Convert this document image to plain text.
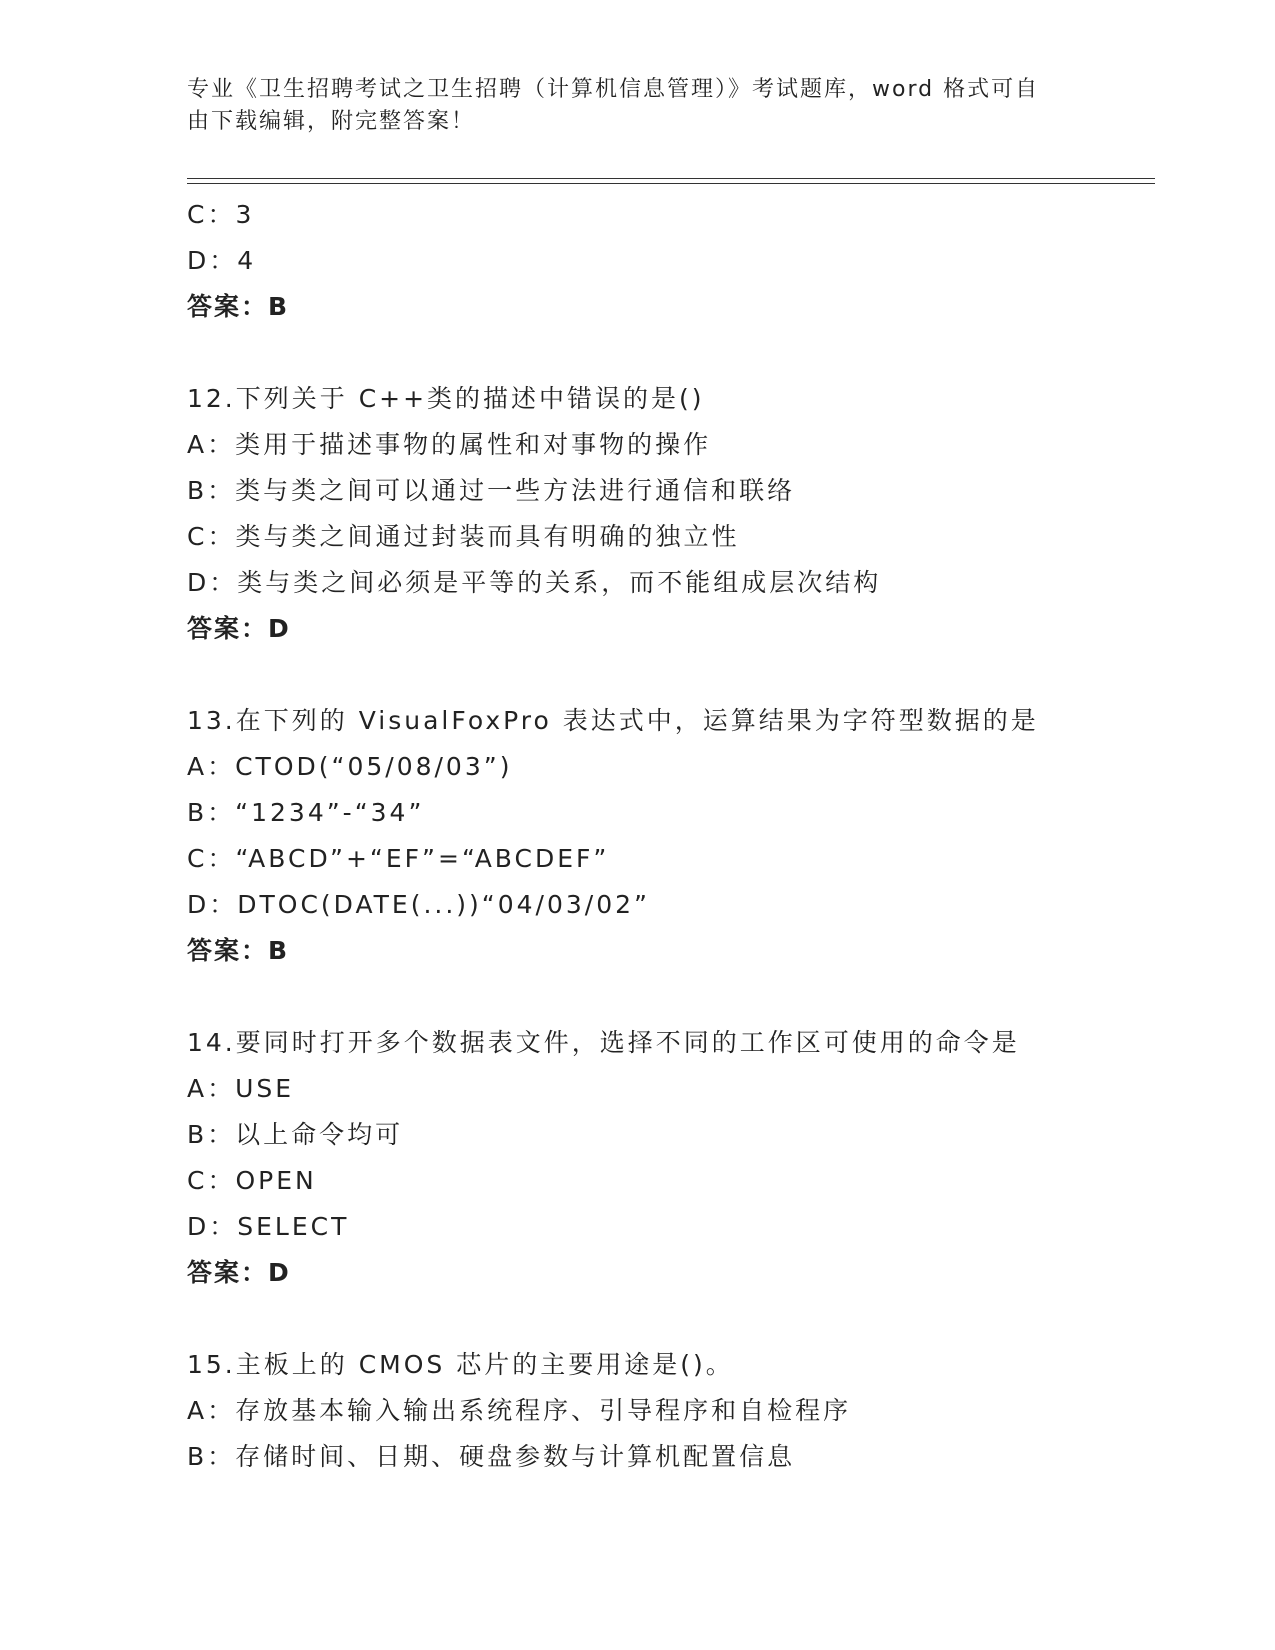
专业《卫生招聘考试之卫生招聘（计算机信息管理）》考试题库，word 格式可自
由下载编辑，附完整答案！
C：3
D：4
答案：B
12.下列关于 C++类的描述中错误的是()
A：类用于描述事物的属性和对事物的操作
B：类与类之间可以通过一些方法进行通信和联络
C：类与类之间通过封装而具有明确的独立性
D：类与类之间必须是平等的关系，而不能组成层次结构
答案：D
13.在下列的 VisualFoxPro 表达式中，运算结果为字符型数据的是
A：CTOD(“05/08/03”)
B：“1234”-“34”
C：“ABCD”+“EF”=“ABCDEF”
D：DTOC(DATE(...))“04/03/02”
答案：B
14.要同时打开多个数据表文件，选择不同的工作区可使用的命令是
A：USE
B：以上命令均可
C：OPEN
D：SELECT
答案：D
15.主板上的 CMOS 芯片的主要用途是()。
A：存放基本输入输出系统程序、引导程序和自检程序
B：存储时间、日期、硬盘参数与计算机配置信息
